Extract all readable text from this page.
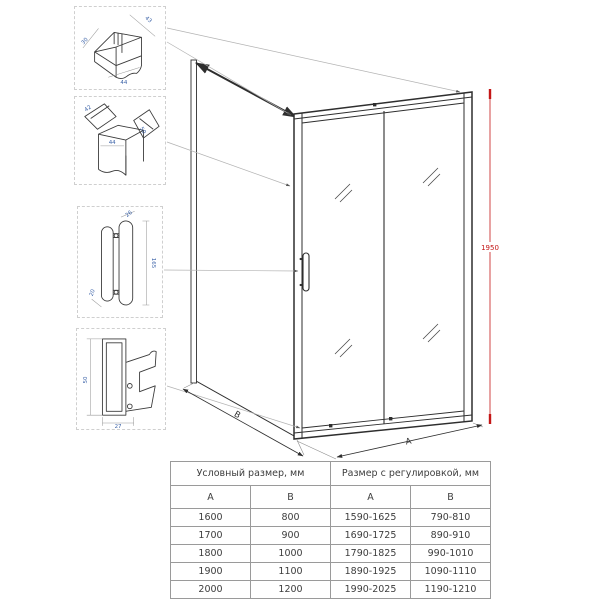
44
30
43
44
42
50
26
165
20
50
27
A
B
1950
Условный размер, мм		Размер с регулировкой, мм	
A	B	A	B
1600	800	1590-1625	790-810
1700	900	1690-1725	890-910
1800	1000	1790-1825	990-1010
1900	1100	1890-1925	1090-1110
2000	1200	1990-2025	1190-1210
